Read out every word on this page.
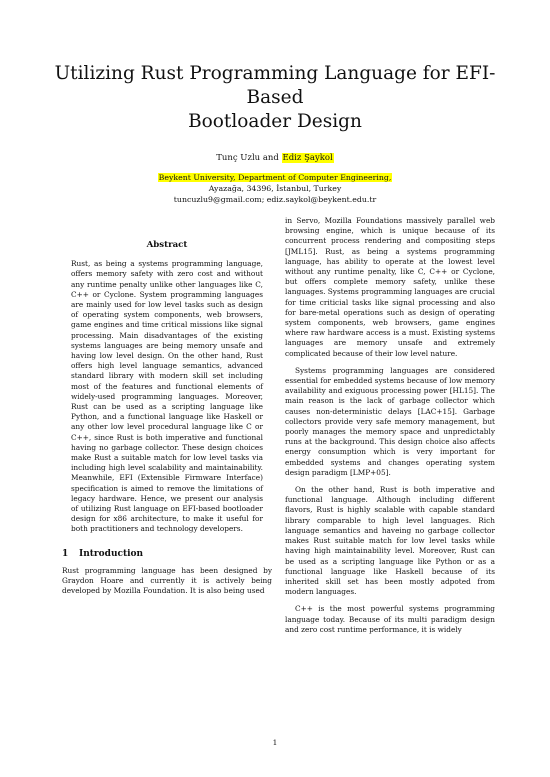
Utilizing Rust Programming Language for EFI-Based
Bootloader Design
Tunç Uzlu and Ediz Şaykol
Beykent University, Department of Computer Engineering,
Ayazağa, 34396, İstanbul, Turkey
tuncuzlu9@gmail.com; ediz.saykol@beykent.edu.tr
Abstract

Rust, as being a systems programming language, offers memory safety with zero cost and without any runtime penalty unlike other languages like C, C++ or Cyclone. System programming languages are mainly used for low level tasks such as design of operating system components, web browsers, game engines and time critical missions like signal processing. Main disadvantages of the existing systems languages are being memory unsafe and having low level design. On the other hand, Rust offers high level language semantics, advanced standard library with modern skill set including most of the features and functional elements of widely-used programming languages. Moreover, Rust can be used as a scripting language like Python, and a functional language like Haskell or any other low level procedural language like C or C++, since Rust is both imperative and functional having no garbage collector. These design choices make Rust a suitable match for low level tasks via including high level scalability and maintainability. Meanwhile, EFI (Extensible Firmware Interface) specification is aimed to remove the limitations of legacy hardware. Hence, we present our analysis of utilizing Rust language on EFI-based bootloader design for x86 architecture, to make it useful for both practitioners and technology developers.

1 Introduction

Rust programming language has been designed by Graydon Hoare and currently it is actively being developed by Mozilla Foundation. It is also being used

in Servo, Mozilla Foundations massively parallel web browsing engine, which is unique because of its concurrent process rendering and compositing steps [JML15]. Rust, as being a systems programming language, has ability to operate at the lowest level without any runtime penalty, like C, C++ or Cyclone, but offers complete memory safety, unlike these languages. Systems programming languages are crucial for time criticial tasks like signal processing and also for bare-metal operations such as design of operating system components, web browsers, game engines where raw hardware access is a must. Existing systems languages are memory unsafe and extremely complicated because of their low level nature.

Systems programming languages are considered essential for embedded systems because of low memory availability and exiguous processing power [HL15]. The main reason is the lack of garbage collector which causes non-deterministic delays [LAC+15]. Garbage collectors provide very safe memory management, but poorly manages the memory space and unpredictably runs at the background. This design choice also affects energy consumption which is very important for embedded systems and changes operating system design paradigm [LMP+05].

On the other hand, Rust is both imperative and functional language. Although including different flavors, Rust is highly scalable with capable standard library comparable to high level languages. Rich language semantics and haveing no garbage collector makes Rust suitable match for low level tasks while having high maintainability level. Moreover, Rust can be used as a scripting language like Python or as a functional language like Haskell because of its inherited skill set has been mostly adpoted from modern languages.

C++ is the most powerful systems programming language today. Because of its multi paradigm design and zero cost runtime performance, it is widely

1
